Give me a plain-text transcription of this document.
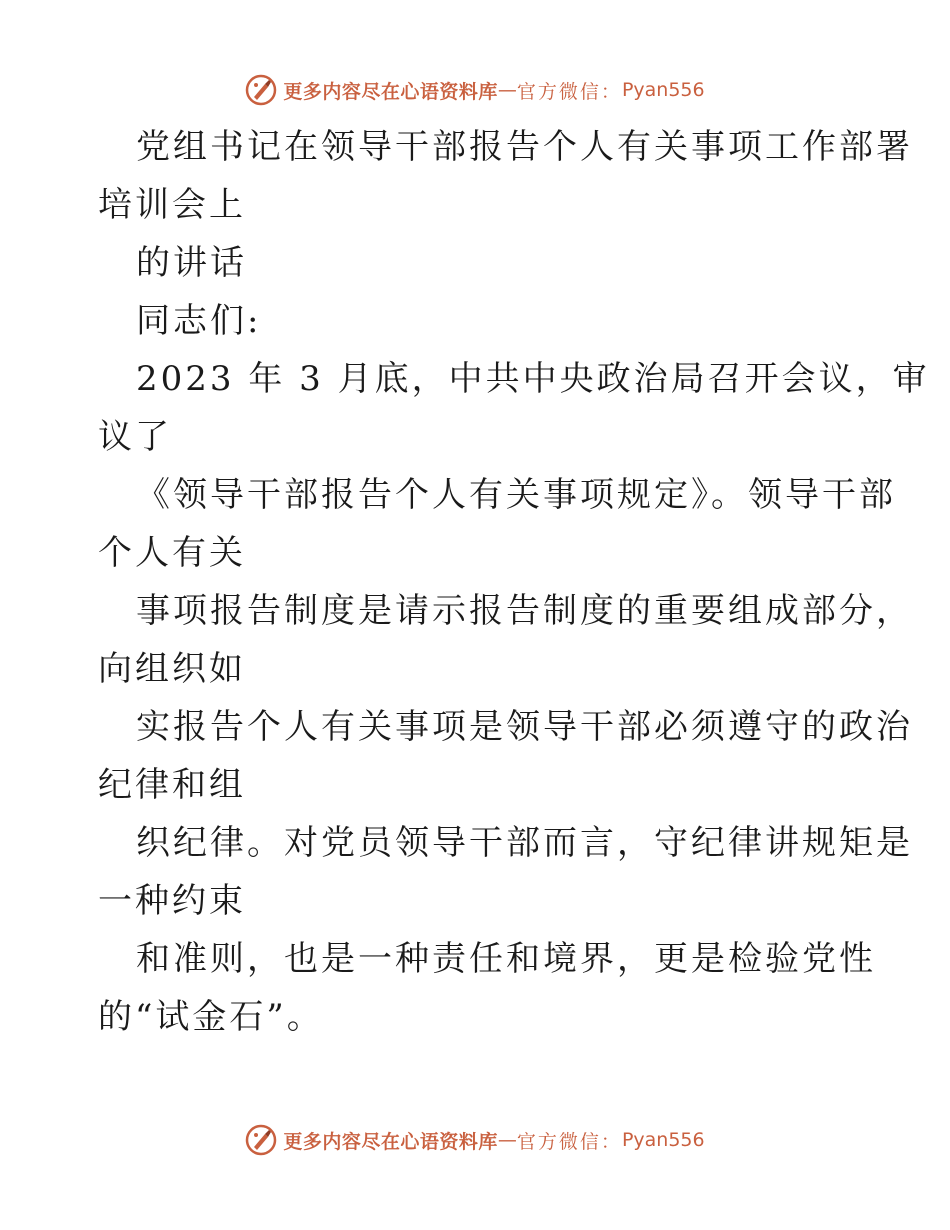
更多内容尽在心语资料库 — 官方微信： Pyan556
党组书记在领导干部报告个人有关事项工作部署
培训会上
的讲话
同志们:
2023 年 3 月底，中共中央政治局召开会议，审
议了
《领导干部报告个人有关事项规定》。领导干部
个人有关
事项报告制度是请示报告制度的重要组成部分，
向组织如
实报告个人有关事项是领导干部必须遵守的政治
纪律和组
织纪律。对党员领导干部而言，守纪律讲规矩是
一种约束
和准则，也是一种责任和境界，更是检验党性
的“试金石”。
更多内容尽在心语资料库 — 官方微信： Pyan556
